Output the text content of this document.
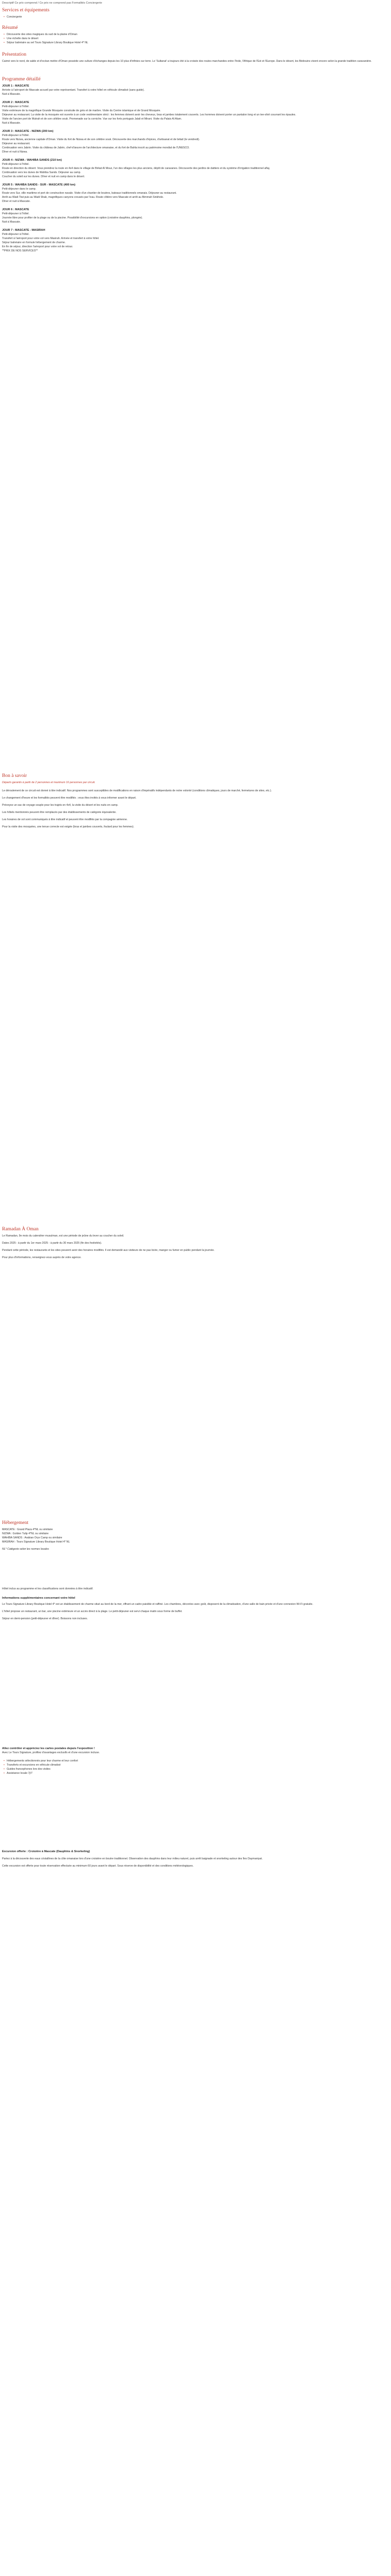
Descriptif Ce prix comprend / Ce prix ne comprend pas Formalités Conciergerie
Services et équipements
• Conciergerie
Résumé
• Découverte des sites magiques du sud de la plaine d'Oman
• Une échelle dans le désert
• Séjour balnéaire au sel Tours Signature Library Boutique Hotel 4* NL
Présentation
Cairné vers le nord, de sable et d'océan mettre d'Oman possède une culture d'échanges depuis les 10 plus d'infinies sur terre. Le 'Sultanat' a toujours été à la croisée des routes marchandes entre l'Inde, l'Afrique de l'Est et l'Europe. Dans le désert, les Bédouins vivent encore selon la grande tradition caravanière.
Programme détaillé
JOUR 1 : MASCATE
Arrivée à l'aéroport de Mascate accueil par votre représentant. Transfert à votre hôtel en véhicule climatisé (sans guide).
Nuit à Mascate.
JOUR 2 : MASCATE
Petit-déjeuner à l'hôtel.
Visite extérieure de la magnifique Grande Mosquée construite de grès et de marbre. Visite du Centre islamique et de Grand Mosquée.
Déjeuner au restaurant. La visite de la mosquée est ouverte à un code vestimentaire strict : les femmes doivent avoir les cheveux, bras et jambes totalement couverts. Les hommes doivent porter un pantalon long et un tee-shirt couvrant les épaules.
Visite de l'ancien port de Mutrah et de son célèbre souk. Promenade sur la corniche. Vue sur les forts portugais Jalali et Mirani. Visite du Palais Al Alam.
Nuit à Mascate.
JOUR 3 : MASCATE - NIZWA (200 km)
Petit-déjeuner à l'hôtel.
Route vers Nizwa, ancienne capitale d'Oman. Visite du fort de Nizwa et de son célèbre souk. Découverte des marchands d'épices, d'artisanat et de bétail (le vendredi).
Déjeuner au restaurant.
Continuation vers Jabrin. Visite du château de Jabrin, chef-d'œuvre de l'architecture omanaise, et du fort de Bahla inscrit au patrimoine mondial de l'UNESCO.
Dîner et nuit à Nizwa.
JOUR 4 : NIZWA - WAHIBA SANDS (210 km)
Petit-déjeuner à l'hôtel.
Route en direction du désert. Vous prendrez la route en 4x4 dans le village de Birkat Al Mouz, l'un des villages les plus anciens, dépôt de caravanes. Découverte des jardins de dattiers et du système d'irrigation traditionnel aflaj.
Continuation vers les dunes de Wahiba Sands. Déjeuner au camp.
Coucher du soleil sur les dunes. Dîner et nuit en camp dans le désert.
JOUR 5 : WAHIBA SANDS - SUR - MASCATE (400 km)
Petit-déjeuner dans le camp.
Route vers Sur, ville maritime et port de construction navale. Visite d'un chantier de boutres, bateaux traditionnels omanais. Déjeuner au restaurant.
Arrêt au Wadi Tiwi puis au Wadi Shab, magnifiques canyons creusés par l'eau. Route côtière vers Mascate et arrêt au Bimmah Sinkhole.
Dîner et nuit à Mascate.
JOUR 6 : MASCATE
Petit-déjeuner à l'hôtel.
Journée libre pour profiter de la plage ou de la piscine. Possibilité d'excursions en option (croisière dauphins, plongée).
Nuit à Mascate.
JOUR 7 : MASCATE - MASIRAH
Petit-déjeuner à l'hôtel.
Transfert à l'aéroport pour votre vol vers Masirah. Arrivée et transfert à votre hôtel.
Séjour balnéaire en formule hébergement de charme.
En fin de séjour, direction l'aéroport pour votre vol de retour.
**PRIX DE NOS SERVICES**
Bon à savoir
Départs garantis à partir de 2 personnes et maximum 16 personnes par circuit.
Le déroulement de ce circuit est donné à titre indicatif. Nos programmes sont susceptibles de modifications en raison d'impératifs indépendants de notre volonté (conditions climatiques, jours de marché, fermetures de sites, etc.).
Le changement d'heure et les formalités peuvent être modifiés ; vous êtes invités à vous informer avant le départ.
Prévoyez un sac de voyage souple pour les trajets en 4x4, la visite du désert et les nuits en camp.
Les hôtels mentionnés peuvent être remplacés par des établissements de catégorie équivalente.
Les horaires de vol sont communiqués à titre indicatif et peuvent être modifiés par la compagnie aérienne.
Pour la visite des mosquées, une tenue correcte est exigée (bras et jambes couverts, foulard pour les femmes).
Ramadan À Oman
Le Ramadan, 9e mois du calendrier musulman, est une période de jeûne du lever au coucher du soleil.
Dates 2025 : à partir du 1er mars 2025 - à partir du 30 mars 2025 (fin des festivités).
Pendant cette période, les restaurants et les sites peuvent avoir des horaires modifiés. Il est demandé aux visiteurs de ne pas boire, manger ou fumer en public pendant la journée.
Pour plus d'informations, renseignez-vous auprès de votre agence.
Hébergement
MASCATE : Grand Plaza 4*NL ou similaire
NIZWA : Golden Tulip 4*NL ou similaire
WAHIBA SANDS : Arabian Oryx Camp ou similaire
MASIRAH : Tours Signature Library Boutique Hotel 4* NL
NL* Catégorie selon les normes locales
Hôtel inclus au programme et les classifications sont données à titre indicatif.
Informations supplémentaires concernant votre hôtel
Le Tours Signature Library Boutique Hotel 4* est un établissement de charme situé au bord de la mer, offrant un cadre paisible et raffiné. Les chambres, décorées avec goût, disposent de la climatisation, d'une salle de bain privée et d'une connexion Wi-Fi gratuite.
L'hôtel propose un restaurant, un bar, une piscine extérieure et un accès direct à la plage. Le petit-déjeuner est servi chaque matin sous forme de buffet.
Séjour en demi-pension (petit-déjeuner et dîner). Boissons non incluses.
Allez contrôler et appréciez les cartes postales depuis l'exposition !
Avec Le Tours Signature, profitez d'avantages exclusifs et d'une excursion incluse.
• Hébergements sélectionnés pour leur charme et leur confort
• Transferts et excursions en véhicule climatisé
• Guides francophones lors des visites
• Assistance locale 7j/7
Excursion offerte : Croisière à Mascate (Dauphins & Snorkeling)
Partez à la découverte des eaux cristallines de la côte omanaise lors d'une croisière en boutre traditionnel. Observation des dauphins dans leur milieu naturel, puis arrêt baignade et snorkeling autour des îles Daymaniyat.
Cette excursion est offerte pour toute réservation effectuée au minimum 60 jours avant le départ. Sous réserve de disponibilité et des conditions météorologiques.
